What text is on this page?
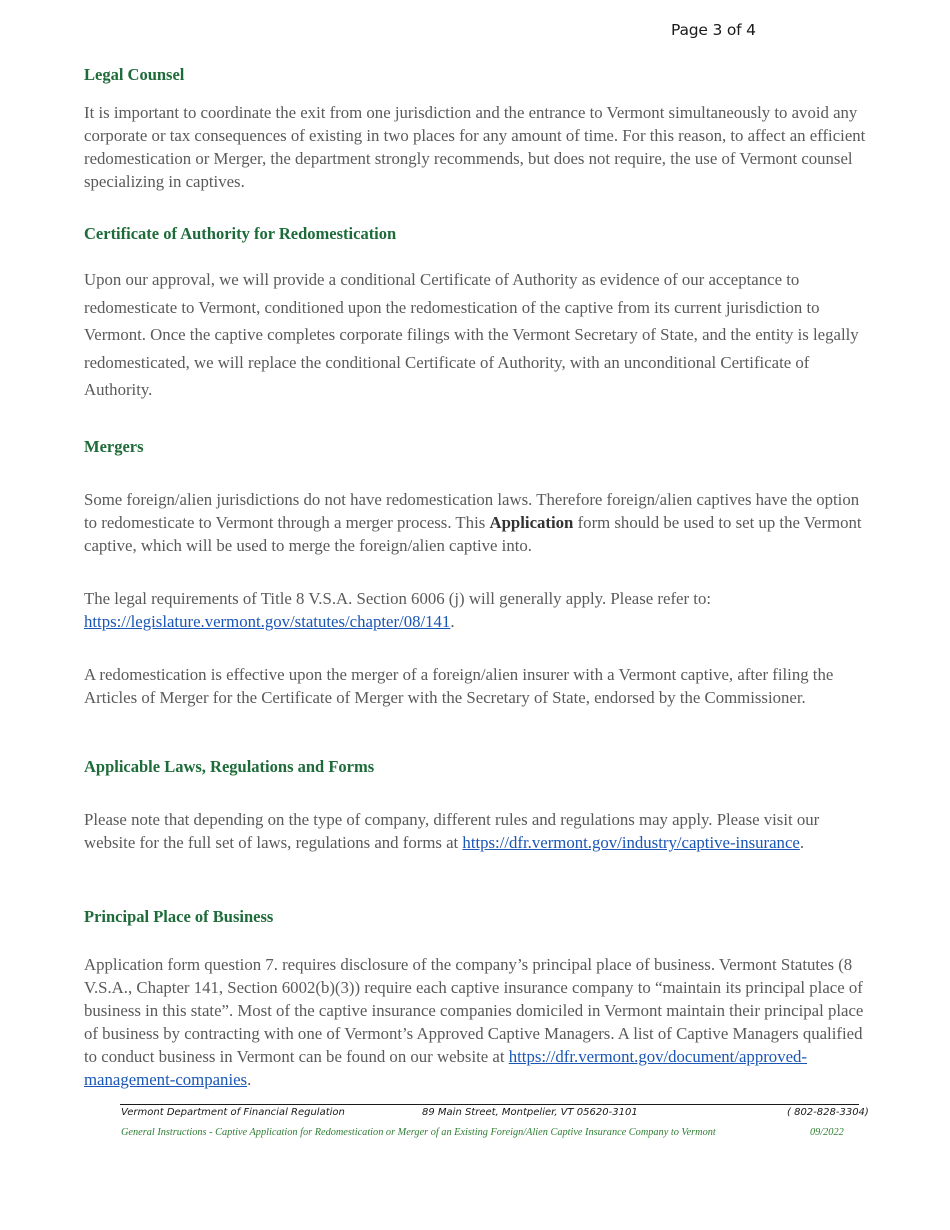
Page 3 of 4
Legal Counsel

It is important to coordinate the exit from one jurisdiction and the entrance to Vermont simultaneously to avoid any corporate or tax consequences of existing in two places for any amount of time. For this reason, to affect an efficient redomestication or Merger, the department strongly recommends, but does not require, the use of Vermont counsel specializing in captives.

Certificate of Authority for Redomestication

Upon our approval, we will provide a conditional Certificate of Authority as evidence of our acceptance to redomesticate to Vermont, conditioned upon the redomestication of the captive from its current jurisdiction to Vermont. Once the captive completes corporate filings with the Vermont Secretary of State, and the entity is legally redomesticated, we will replace the conditional Certificate of Authority, with an unconditional Certificate of Authority.

Mergers

Some foreign/alien jurisdictions do not have redomestication laws. Therefore foreign/alien captives have the option to redomesticate to Vermont through a merger process. This Application form should be used to set up the Vermont captive, which will be used to merge the foreign/alien captive into.

The legal requirements of Title 8 V.S.A. Section 6006 (j) will generally apply. Please refer to: https://legislature.vermont.gov/statutes/chapter/08/141.

A redomestication is effective upon the merger of a foreign/alien insurer with a Vermont captive, after filing the Articles of Merger for the Certificate of Merger with the Secretary of State, endorsed by the Commissioner.

Applicable Laws, Regulations and Forms

Please note that depending on the type of company, different rules and regulations may apply. Please visit our website for the full set of laws, regulations and forms at https://dfr.vermont.gov/industry/captive-insurance.

Principal Place of Business

Application form question 7. requires disclosure of the company’s principal place of business. Vermont Statutes (8 V.S.A., Chapter 141, Section 6002(b)(3)) require each captive insurance company to “maintain its principal place of business in this state”. Most of the captive insurance companies domiciled in Vermont maintain their principal place of business by contracting with one of Vermont’s Approved Captive Managers. A list of Captive Managers qualified to conduct business in Vermont can be found on our website at https://dfr.vermont.gov/document/approved-management-companies.

Vermont Department of Financial Regulation	89 Main Street, Montpelier, VT 05620-3101	( 802-828-3304)
General Instructions - Captive Application for Redomestication or Merger of an Existing Foreign/Alien Captive Insurance Company to Vermont	09/2022
